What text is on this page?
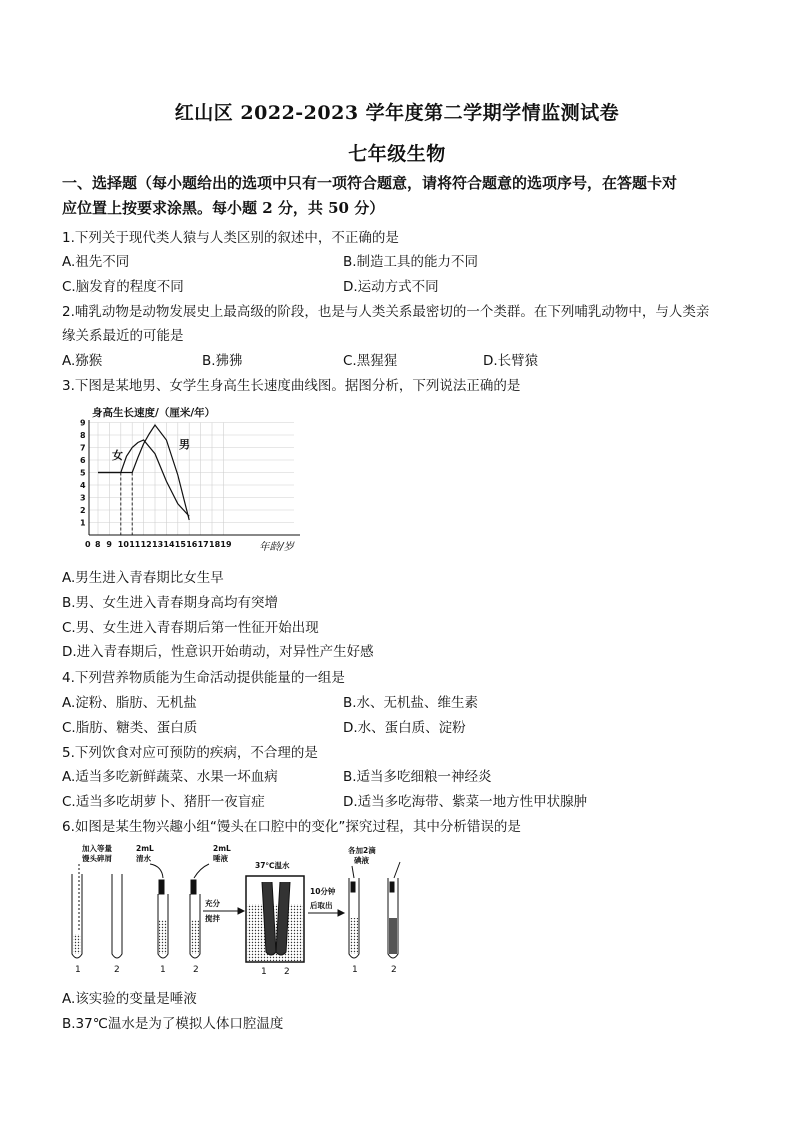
红山区 2022-2023 学年度第二学期学情监测试卷
七年级生物
一、选择题（每小题给出的选项中只有一项符合题意，请将符合题意的选项序号，在答题卡对
应位置上按要求涂黑。每小题 2 分，共 50 分）
1.下列关于现代类人猿与人类区别的叙述中，不正确的是
A.祖先不同	B.制造工具的能力不同
C.脑发育的程度不同	D.运动方式不同
2.哺乳动物是动物发展史上最高级的阶段，也是与人类关系最密切的一个类群。在下列哺乳动物中，与人类亲
缘关系最近的可能是
A.猕猴	B.狒狒	C.黑猩猩	D.长臂猿
3.下图是某地男、女学生身高生长速度曲线图。据图分析，下列说法正确的是
身高生长速度/（厘米/年）
1
2
3
4
5
6
7
8
9
0 8 9 10 11 12 13 14 15 16 17 18 19	年龄/岁
女
男
A.男生进入青春期比女生早
B.男、女生进入青春期身高均有突增
C.男、女生进入青春期后第一性征开始出现
D.进入青春期后，性意识开始萌动，对异性产生好感
4.下列营养物质能为生命活动提供能量的一组是
A.淀粉、脂肪、无机盐	B.水、无机盐、维生素
C.脂肪、糖类、蛋白质	D.水、蛋白质、淀粉
5.下列饮食对应可预防的疾病，不合理的是
A.适当多吃新鲜蔬菜、水果一坏血病	B.适当多吃细粮一神经炎
C.适当多吃胡萝卜、猪肝一夜盲症	D.适当多吃海带、紫菜一地方性甲状腺肿
6.如图是某生物兴趣小组“馒头在口腔中的变化”探究过程，其中分析错误的是
加入等量
馒头碎屑
2mL
清水
2mL
唾液
37℃温水
充分
搅拌
10分钟
后取出
各加2滴
碘液
1	2	1	2	1 2	1	2
A.该实验的变量是唾液
B.37℃温水是为了模拟人体口腔温度
